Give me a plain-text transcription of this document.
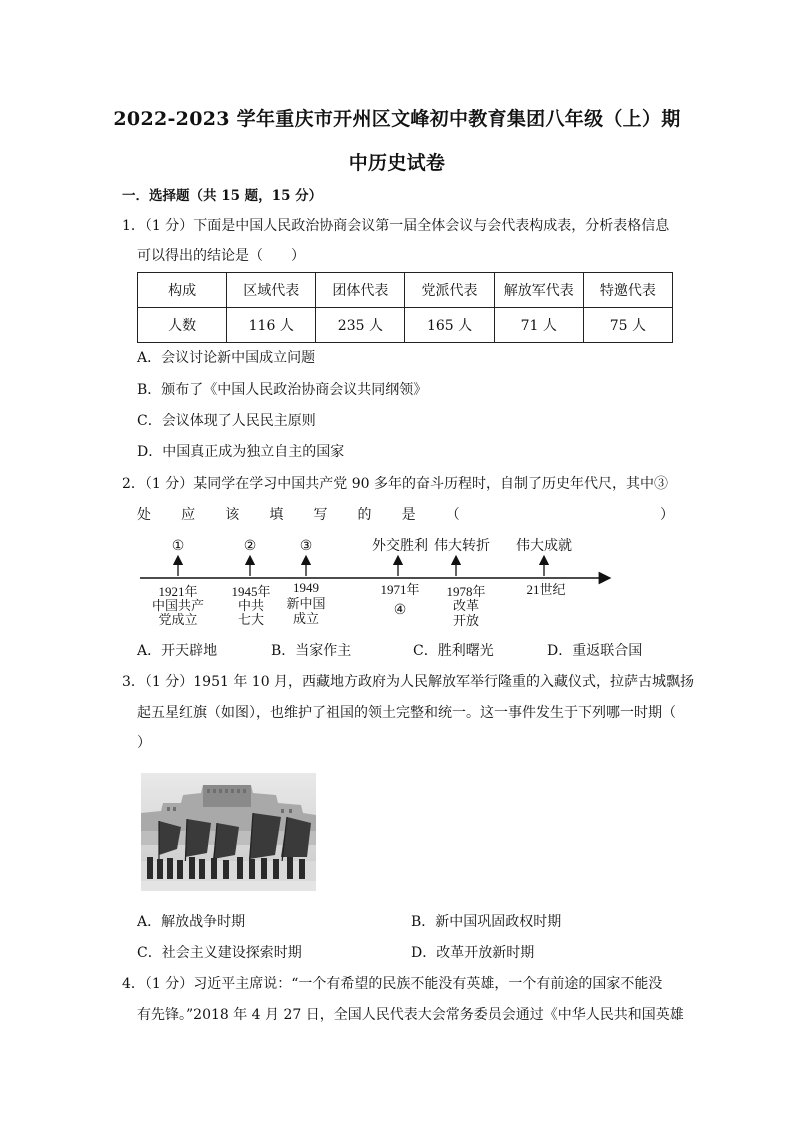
2022-2023 学年重庆市开州区文峰初中教育集团八年级（上）期
中历史试卷
一．选择题（共 15 题，15 分）
1．（1 分）下面是中国人民政治协商会议第一届全体会议与会代表构成表，分析表格信息
可以得出的结论是（　　）
构成	区域代表	团体代表	党派代表	解放军代表	特邀代表
人数	116 人	235 人	165 人	71 人	75 人
A．会议讨论新中国成立问题
B．颁布了《中国人民政治协商会议共同纲领》
C．会议体现了人民民主原则
D．中国真正成为独立自主的国家
2．（1 分）某同学在学习中国共产党 90 多年的奋斗历程时，自制了历史年代尺，其中③
处 应 该 填 写 的 是 （	）
①	②	③	外交胜利 伟大转折 伟大成就
1921年	1945年 1949	1971年 1978年	21世纪
中国共产
党成立
中共
七大
新中国
成立
④	改革
开放
A．开天辟地	B．当家作主	C．胜利曙光	D．重返联合国
3．（1 分）1951 年 10 月，西藏地方政府为人民解放军举行隆重的入藏仪式，拉萨古城飘扬
起五星红旗（如图），也维护了祖国的领土完整和统一。这一事件发生于下列哪一时期（
）
A．解放战争时期	B．新中国巩固政权时期
C．社会主义建设探索时期	D．改革开放新时期
4．（1 分）习近平主席说：“一个有希望的民族不能没有英雄，一个有前途的国家不能没
有先锋。”2018 年 4 月 27 日，全国人民代表大会常务委员会通过《中华人民共和国英雄
